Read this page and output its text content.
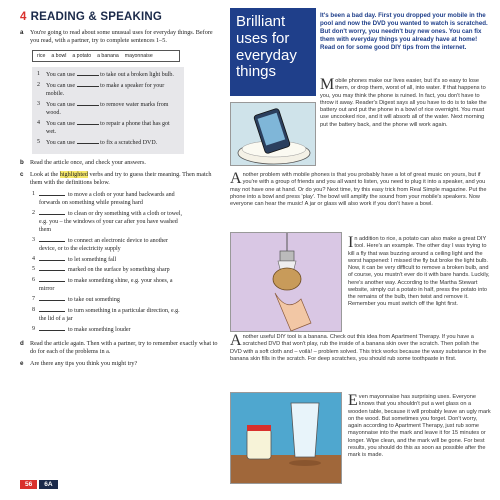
4 READING & SPEAKING
a	You're going to read about some unusual uses for everyday things. Before you read, with a partner, try to complete sentences 1–5.
rice a bowl a potato a banana mayonnaise
1	You can use	to take out a broken light bulb.
2	You can use	to make a speaker for your mobile.
3	You can use	to remove water marks from wood.
4	You can use	to repair a phone that has got wet.
5	You can use	to fix a scratched DVD.
b	Read the article once, and check your answers.
c	Look at the highlighted verbs and try to guess their meaning. Then match them with the definitions below.
1	to move a cloth or your hand backwards and forwards on something while pressing hard
2	to clean or dry something with a cloth or towel, e.g. you – the windows of your car after you have washed them
3	to connect an electronic device to another device, or to the electricity supply
4	to let something fall
5	marked on the surface by something sharp
6	to make something shine, e.g. your shoes, a mirror
7	to take out something
8	to turn something in a particular direction, e.g. the lid of a jar
9	to make something louder
d	Read the article again. Then with a partner, try to remember exactly what to do for each of the problems in a.
e	Are there any tips you think you might try?
56	6A
Brilliant uses for everyday things
It's been a bad day. First you dropped your mobile in the pool and now the DVD you wanted to watch is scratched. But don't worry, you needn't buy new ones. You can fix them with everyday things you already have at home! Read on for some good DIY tips from the internet.
Mobile phones make our lives easier, but it's so easy to lose them, or drop them, worst of all, into water. If that happens to you, you may think the phone is ruined. In fact, you don't have to throw it away. Reader's Digest says all you have to do is to take the battery out and put the phone in a bowl of rice overnight. You must use uncooked rice, and it will absorb all of the water. Next morning put the battery back, and the phone will work again.
Another problem with mobile phones is that you probably have a lot of great music on yours, but if you're with a group of friends and you all want to listen, you need to plug it into a speaker, and you may not have one at hand. Or do you? Next time, try this easy trick from Real Simple magazine. Put the phone into a bowl and press 'play'. The bowl will amplify the sound from your mobile's speakers. Now everyone can hear the music! A jar or glass will also work if you don't have a bowl.
In addition to rice, a potato can also make a great DIY tool. Here's an example. The other day I was trying to kill a fly that was buzzing around a ceiling light and the worst happened: I missed the fly but broke the light bulb. Now, it can be very difficult to remove a broken bulb, and of course, you mustn't ever do it with bare hands. Luckily, here's another way. According to the Martha Stewart website, simply cut a potato in half, press the potato into the remains of the bulb, then twist and remove it. Remember you must switch off the light first.
Another useful DIY tool is a banana. Check out this idea from Apartment Therapy. If you have a scratched DVD that won't play, rub the inside of a banana skin over the scratch. Then polish the DVD with a soft cloth and – voilà! – problem solved. This trick works because the waxy substance in the banana skin fills in the scratch. For deep scratches, you should rub some toothpaste in first.
Even mayonnaise has surprising uses. Everyone knows that you shouldn't put a wet glass on a wooden table, because it will probably leave an ugly mark on the wood. But sometimes you forget. Don't worry, again according to Apartment Therapy, just rub some mayonnaise into the mark and leave it for 15 minutes or longer. Wipe clean, and the mark will be gone. For best results, you should do this as soon as possible after the mark is made.
